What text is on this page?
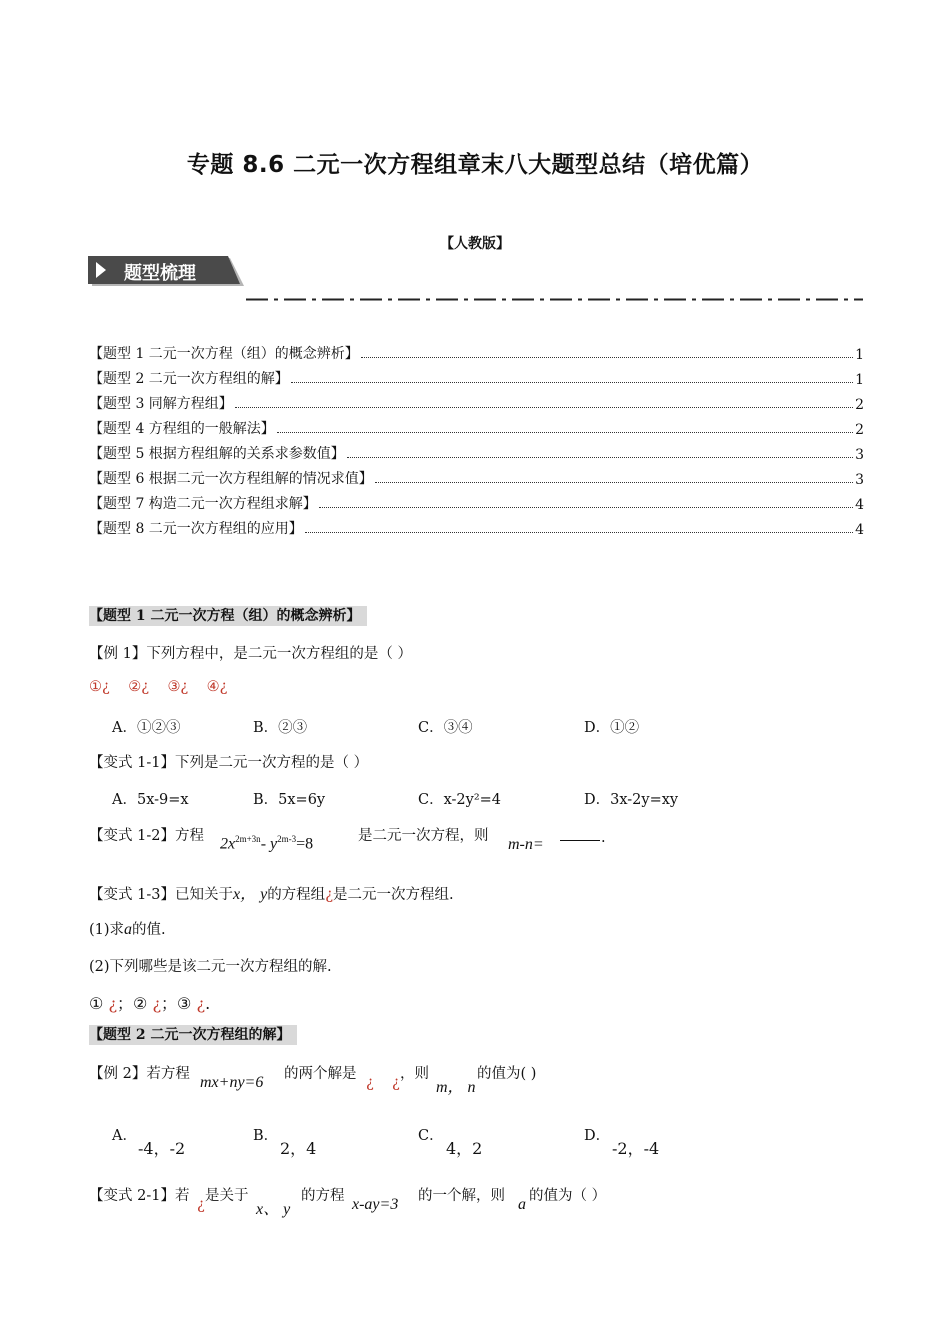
专题 8.6 二元一次方程组章末八大题型总结（培优篇）
【人教版】
题型梳理
【题型 1 二元一次方程（组）的概念辨析】	1
【题型 2 二元一次方程组的解】	1
【题型 3 同解方程组】	2
【题型 4 方程组的一般解法】	2
【题型 5 根据方程组解的关系求参数值】	3
【题型 6 根据二元一次方程组解的情况求值】	3
【题型 7 构造二元一次方程组求解】	4
【题型 8 二元一次方程组的应用】	4
【题型 1 二元一次方程（组）的概念辨析】
【例 1】下列方程中，是二元一次方程组的是（ ）
①¿ ②¿ ③¿ ④¿
A．①②③	B．②③	C．③④	D．①②
【变式 1-1】下列是二元一次方程的是（ ）
A．5x-9=x	B．5x=6y	C．x-2y²=4	D．3x-2y=xy
【变式 1-2】方程 $2x^{2m+3n}-$ $y^{2m-3}=8$	是二元一次方程，则 m-n=	.
【变式 1-3】已知关于x， y的方程组¿是二元一次方程组.
(1)求a的值.
(2)下列哪些是该二元一次方程组的解.
① ¿；② ¿；③ ¿.
【题型 2 二元一次方程组的解】
【例 2】若方程 mx+ny=6 的两个解是
¿ ¿
，则
m， n
的值为( )
A．
-4，-2
B．
2，4
C．
4，2
D．
-2，-4
【变式 2-1】若
¿
是关于
x、 y
的方程 x-ay=3 的一个解，则 a 的值为（ ）
